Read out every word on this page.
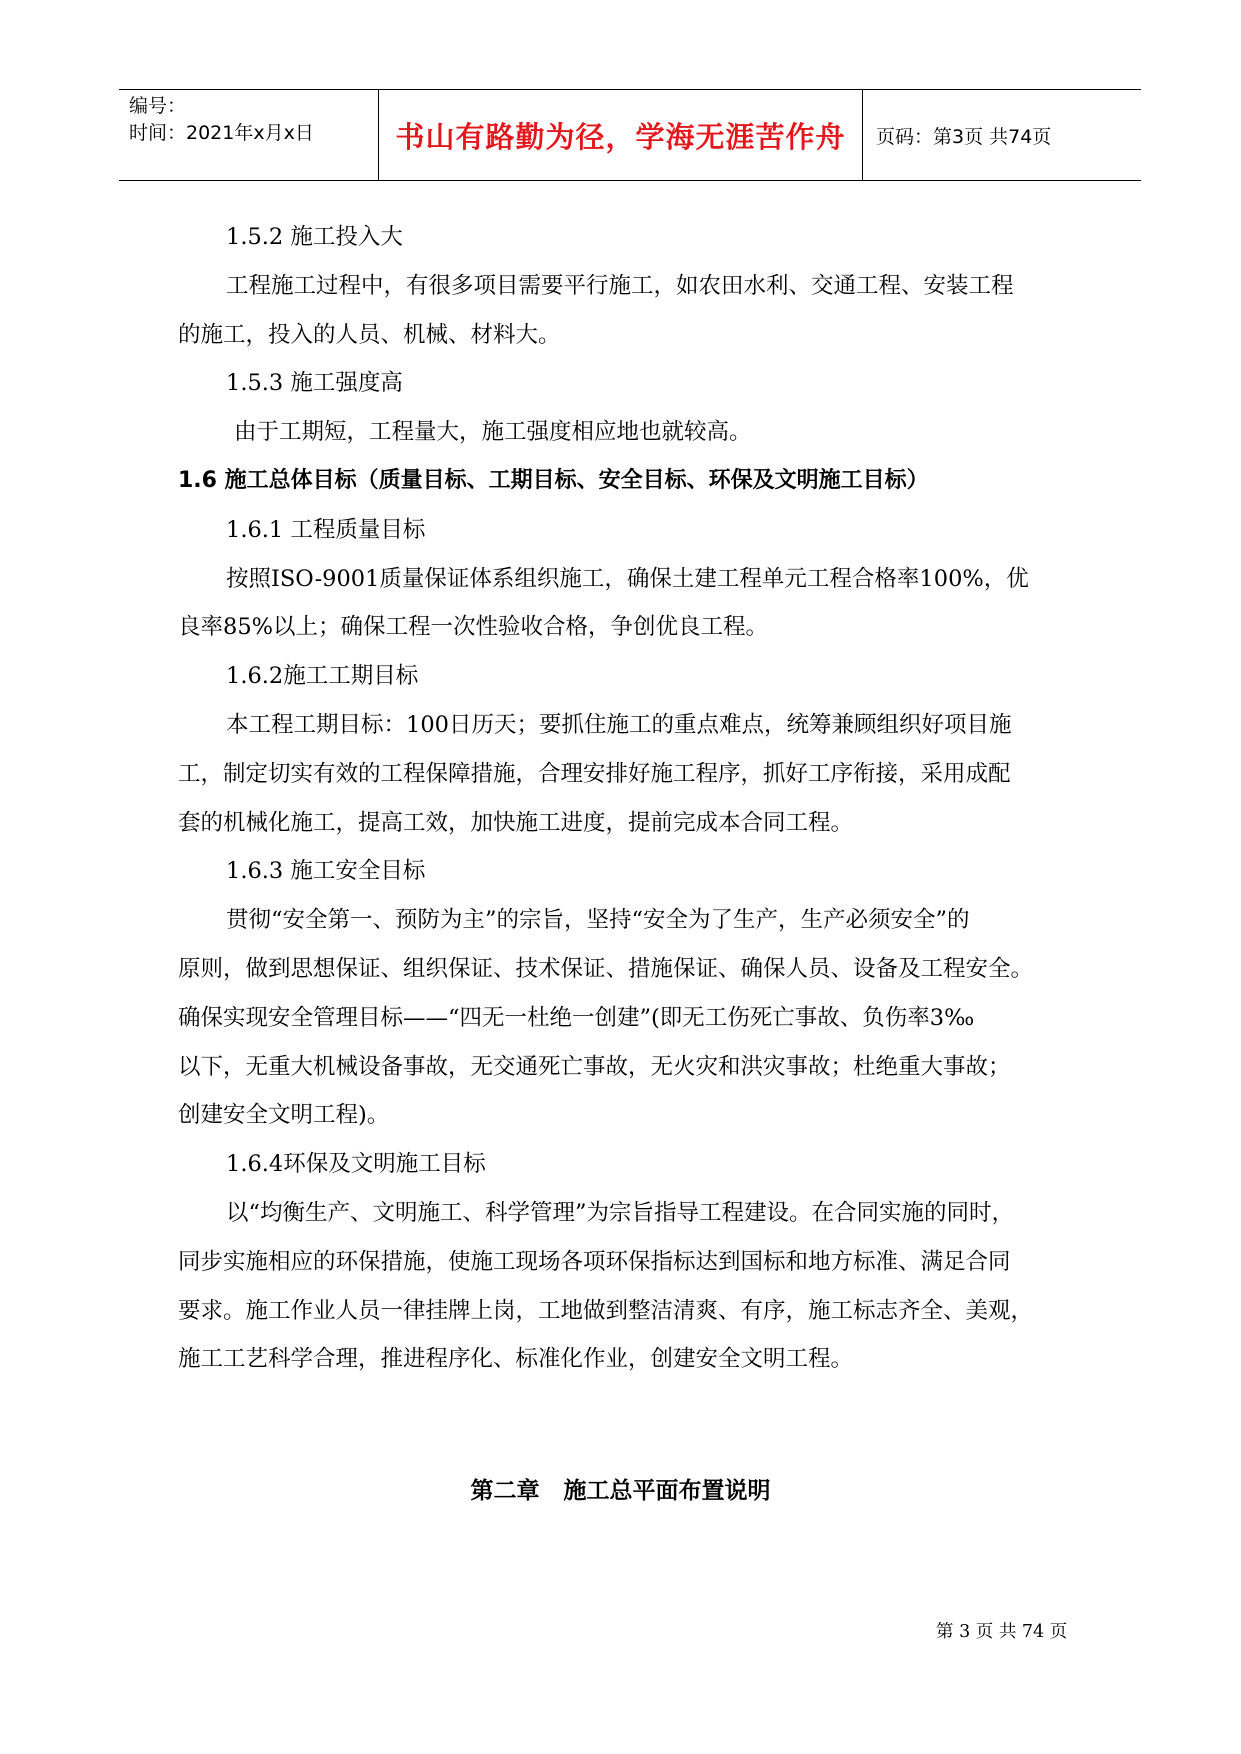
编号：
时间：2021年x月x日	书山有路勤为径，学海无涯苦作舟	页码：第3页 共74页

1.5.2 施工投入大

工程施工过程中，有很多项目需要平行施工，如农田水利、交通工程、安装工程

的施工，投入的人员、机械、材料大。

1.5.3 施工强度高

由于工期短，工程量大，施工强度相应地也就较高。

1.6 施工总体目标（质量目标、工期目标、安全目标、环保及文明施工目标）

1.6.1 工程质量目标

按照ISO-9001质量保证体系组织施工，确保土建工程单元工程合格率100%，优

良率85%以上；确保工程一次性验收合格，争创优良工程。

1.6.2施工工期目标

本工程工期目标：100日历天；要抓住施工的重点难点，统筹兼顾组织好项目施

工，制定切实有效的工程保障措施，合理安排好施工程序，抓好工序衔接，采用成配

套的机械化施工，提高工效，加快施工进度，提前完成本合同工程。

1.6.3 施工安全目标

贯彻“安全第一、预防为主”的宗旨，坚持“安全为了生产，生产必须安全”的

原则，做到思想保证、组织保证、技术保证、措施保证、确保人员、设备及工程安全。

确保实现安全管理目标——“四无一杜绝一创建”(即无工伤死亡事故、负伤率3‰

以下，无重大机械设备事故，无交通死亡事故，无火灾和洪灾事故；杜绝重大事故；

创建安全文明工程)。

1.6.4环保及文明施工目标

以“均衡生产、文明施工、科学管理”为宗旨指导工程建设。在合同实施的同时，

同步实施相应的环保措施，使施工现场各项环保指标达到国标和地方标准、满足合同

要求。施工作业人员一律挂牌上岗，工地做到整洁清爽、有序，施工标志齐全、美观，

施工工艺科学合理，推进程序化、标准化作业，创建安全文明工程。

第二章   施工总平面布置说明
第 3 页 共 74 页
